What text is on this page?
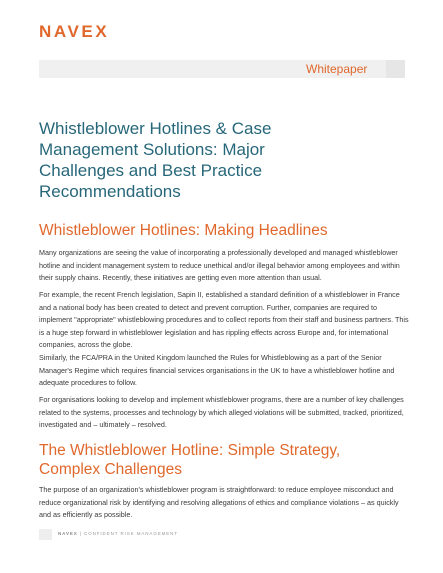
NAVEX
Whitepaper
Whistleblower Hotlines & Case Management Solutions: Major Challenges and Best Practice Recommendations
Whistleblower Hotlines: Making Headlines

Many organizations are seeing the value of incorporating a professionally developed and managed whistleblower hotline and incident management system to reduce unethical and/or illegal behavior among employees and within their supply chains. Recently, these initiatives are getting even more attention than usual.

For example, the recent French legislation, Sapin II, established a standard definition of a whistleblower in France and a national body has been created to detect and prevent corruption. Further, companies are required to implement "appropriate" whistleblowing procedures and to collect reports from their staff and business partners. This is a huge step forward in whistleblower legislation and has rippling effects across Europe and, for international companies, across the globe.

Similarly, the FCA/PRA in the United Kingdom launched the Rules for Whistleblowing as a part of the Senior Manager's Regime which requires financial services organisations in the UK to have a whistleblower hotline and adequate procedures to follow.

For organisations looking to develop and implement whistleblower programs, there are a number of key challenges related to the systems, processes and technology by which alleged violations will be submitted, tracked, prioritized, investigated and – ultimately – resolved.

The Whistleblower Hotline: Simple Strategy, Complex Challenges

The purpose of an organization's whistleblower program is straightforward: to reduce employee misconduct and reduce organizational risk by identifying and resolving allegations of ethics and compliance violations – as quickly and as efficiently as possible.

NAVEX | CONFIDENT RISK MANAGEMENT
